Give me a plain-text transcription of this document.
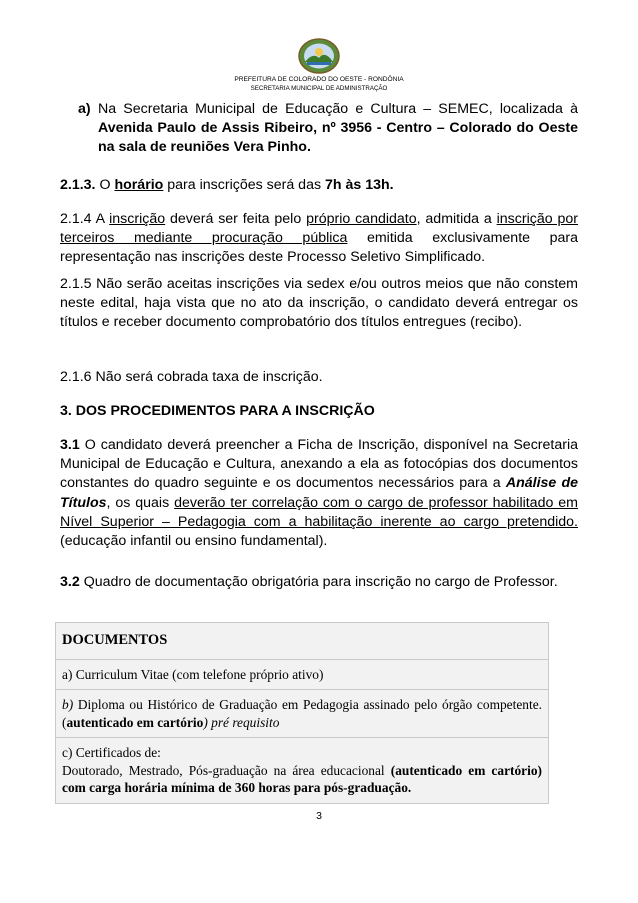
PREFEITURA DE COLORADO DO OESTE - RONDÔNIA
SECRETARIA MUNICIPAL DE ADMINISTRAÇÃO
a) Na Secretaria Municipal de Educação e Cultura – SEMEC, localizada à Avenida Paulo de Assis Ribeiro, nº 3956 - Centro – Colorado do Oeste na sala de reuniões Vera Pinho.
2.1.3. O horário para inscrições será das 7h às 13h.
2.1.4 A inscrição deverá ser feita pelo próprio candidato, admitida a inscrição por terceiros mediante procuração pública emitida exclusivamente para representação nas inscrições deste Processo Seletivo Simplificado.
2.1.5 Não serão aceitas inscrições via sedex e/ou outros meios que não constem neste edital, haja vista que no ato da inscrição, o candidato deverá entregar os títulos e receber documento comprobatório dos títulos entregues (recibo).
2.1.6 Não será cobrada taxa de inscrição.
3. DOS PROCEDIMENTOS PARA A INSCRIÇÃO
3.1 O candidato deverá preencher a Ficha de Inscrição, disponível na Secretaria Municipal de Educação e Cultura, anexando a ela as fotocópias dos documentos constantes do quadro seguinte e os documentos necessários para a Análise de Títulos, os quais deverão ter correlação com o cargo de professor habilitado em Nível Superior – Pedagogia com a habilitação inerente ao cargo pretendido. (educação infantil ou ensino fundamental).
3.2 Quadro de documentação obrigatória para inscrição no cargo de Professor.
DOCUMENTOS
a) Curriculum Vitae (com telefone próprio ativo)
b) Diploma ou Histórico de Graduação em Pedagogia assinado pelo órgão competente. (autenticado em cartório) pré requisito
c) Certificados de:
Doutorado, Mestrado, Pós-graduação na área educacional (autenticado em cartório) com carga horária mínima de 360 horas para pós-graduação.
3
